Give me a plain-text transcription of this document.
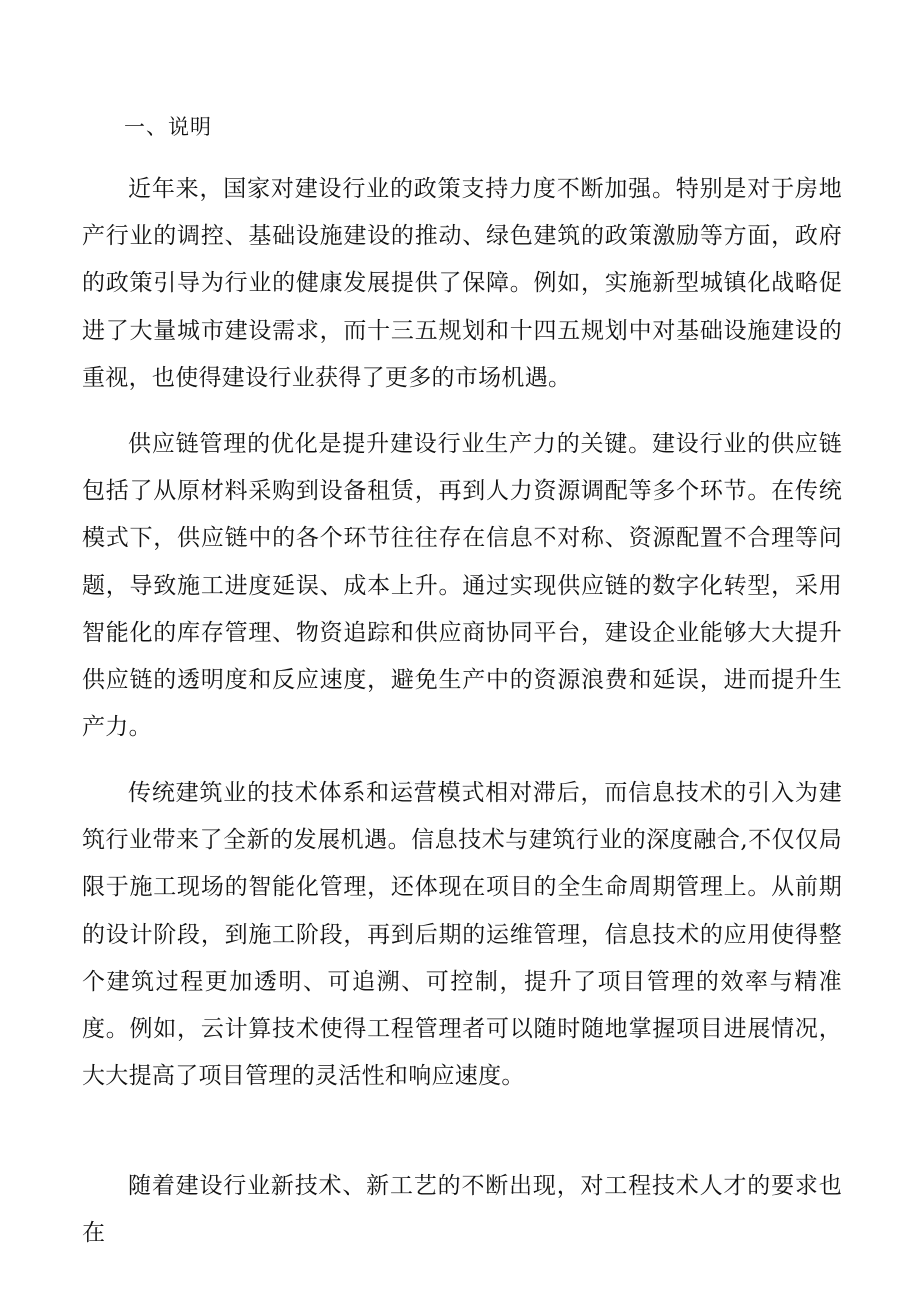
一、说明

近年来，国家对建设行业的政策支持力度不断加强。特别是对于房地产行业的调控、基础设施建设的推动、绿色建筑的政策激励等方面，政府的政策引导为行业的健康发展提供了保障。例如，实施新型城镇化战略促进了大量城市建设需求，而十三五规划和十四五规划中对基础设施建设的重视，也使得建设行业获得了更多的市场机遇。

供应链管理的优化是提升建设行业生产力的关键。建设行业的供应链包括了从原材料采购到设备租赁，再到人力资源调配等多个环节。在传统模式下，供应链中的各个环节往往存在信息不对称、资源配置不合理等问题，导致施工进度延误、成本上升。通过实现供应链的数字化转型，采用智能化的库存管理、物资追踪和供应商协同平台，建设企业能够大大提升供应链的透明度和反应速度，避免生产中的资源浪费和延误，进而提升生产力。

传统建筑业的技术体系和运营模式相对滞后，而信息技术的引入为建筑行业带来了全新的发展机遇。信息技术与建筑行业的深度融合,不仅仅局限于施工现场的智能化管理，还体现在项目的全生命周期管理上。从前期的设计阶段，到施工阶段，再到后期的运维管理，信息技术的应用使得整个建筑过程更加透明、可追溯、可控制，提升了项目管理的效率与精准度。例如，云计算技术使得工程管理者可以随时随地掌握项目进展情况，大大提高了项目管理的灵活性和响应速度。

随着建设行业新技术、新工艺的不断出现，对工程技术人才的要求也在
